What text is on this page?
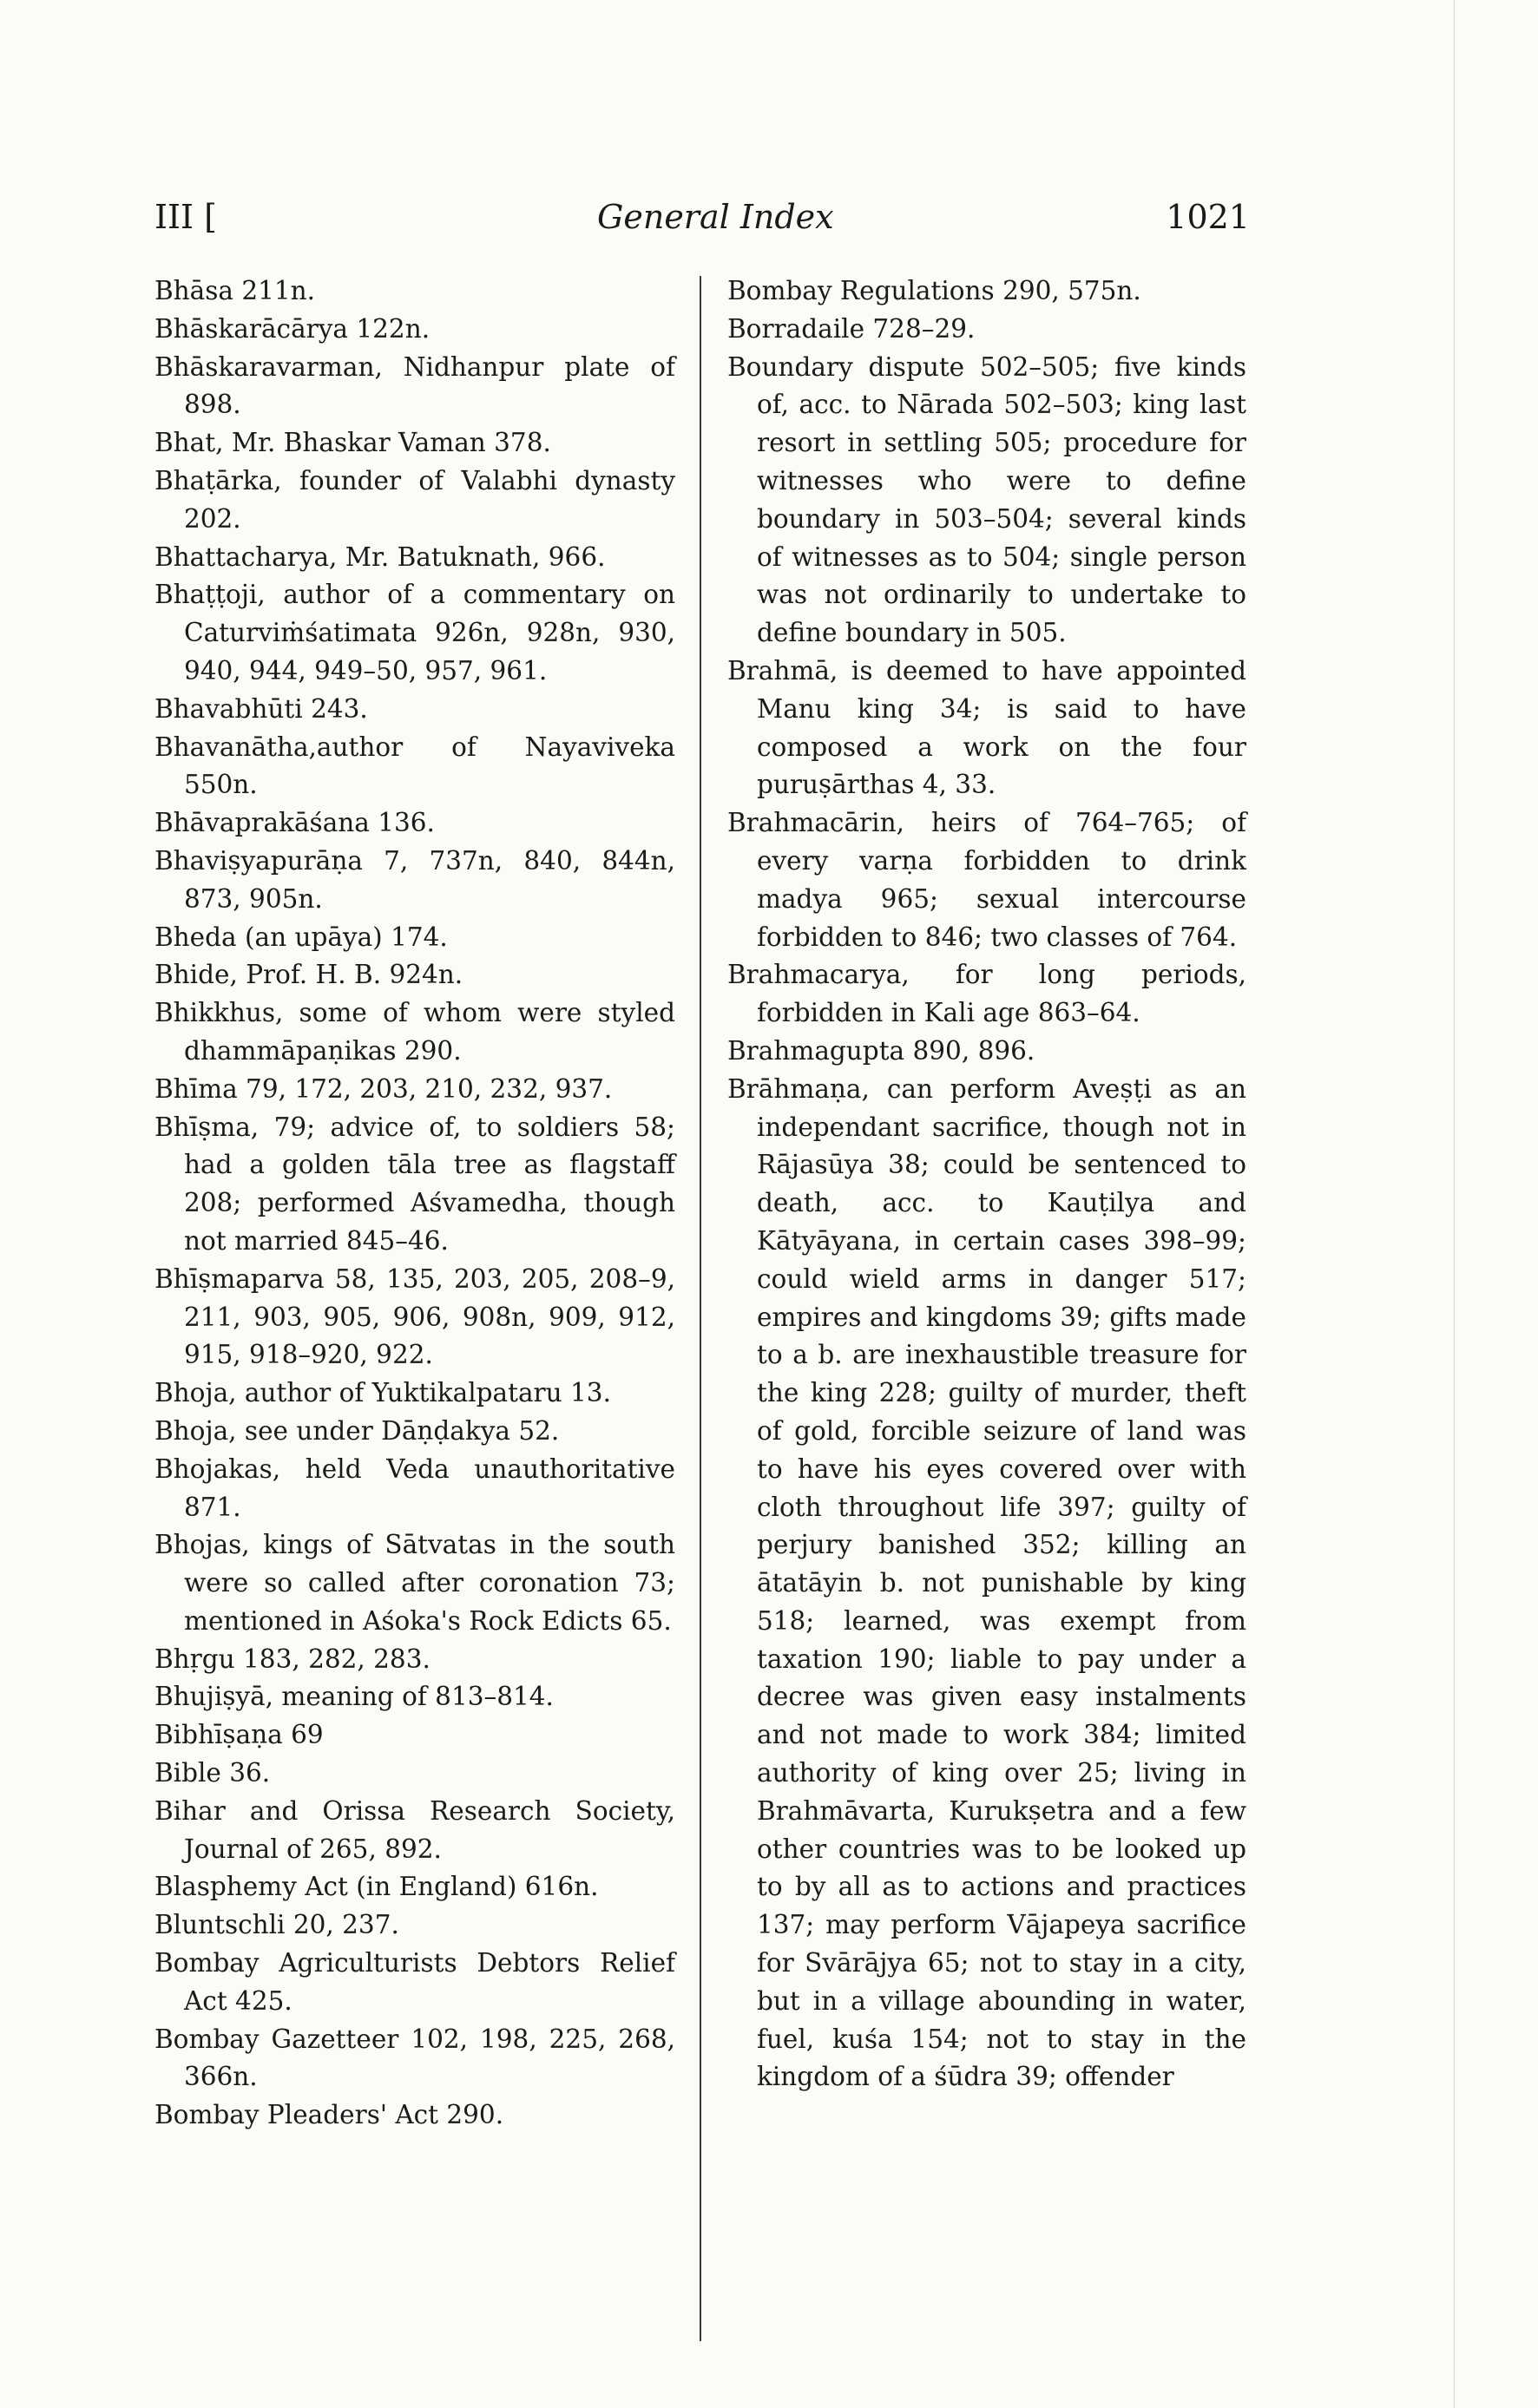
III [	General Index	1021

Bhāsa 211n.

Bhāskarācārya 122n.

Bhāskaravarman, Nidhanpur plate of 898.

Bhat, Mr. Bhaskar Vaman 378.

Bhaṭārka, founder of Valabhi dynasty 202.

Bhattacharya, Mr. Batuknath, 966.

Bhaṭṭoji, author of a commentary on Caturviṁśatimata 926n, 928n, 930, 940, 944, 949–50, 957, 961.

Bhavabhūti 243.

Bhavanātha,author of Nayaviveka 550n.

Bhāvaprakāśana 136.

Bhaviṣyapurāṇa 7, 737n, 840, 844n, 873, 905n.

Bheda (an upāya) 174.

Bhide, Prof. H. B. 924n.

Bhikkhus, some of whom were styled dhammāpaṇikas 290.

Bhīma 79, 172, 203, 210, 232, 937.

Bhīṣma, 79; advice of, to soldiers 58; had a golden tāla tree as flagstaff 208; performed Aśvamedha, though not married 845–46.

Bhīṣmaparva 58, 135, 203, 205, 208–9, 211, 903, 905, 906, 908n, 909, 912, 915, 918–920, 922.

Bhoja, author of Yuktikalpataru 13.

Bhoja, see under Dāṇḍakya 52.

Bhojakas, held Veda unauthoritative 871.

Bhojas, kings of Sātvatas in the south were so called after coronation 73; mentioned in Aśoka's Rock Edicts 65.

Bhṛgu 183, 282, 283.

Bhujiṣyā, meaning of 813–814.

Bibhīṣaṇa 69

Bible 36.

Bihar and Orissa Research Society, Journal of 265, 892.

Blasphemy Act (in England) 616n.

Bluntschli 20, 237.

Bombay Agriculturists Debtors Relief Act 425.

Bombay Gazetteer 102, 198, 225, 268, 366n.

Bombay Pleaders' Act 290.

Bombay Regulations 290, 575n.

Borradaile 728–29.

Boundary dispute 502–505; five kinds of, acc. to Nārada 502–503; king last resort in settling 505; procedure for witnesses who were to define boundary in 503–504; several kinds of witnesses as to 504; single person was not ordinarily to undertake to define boundary in 505.

Brahmā, is deemed to have appointed Manu king 34; is said to have composed a work on the four puruṣārthas 4, 33.

Brahmacārin, heirs of 764–765; of every varṇa forbidden to drink madya 965; sexual intercourse forbidden to 846; two classes of 764.

Brahmacarya, for long periods, forbidden in Kali age 863–64.

Brahmagupta 890, 896.

Brāhmaṇa, can perform Aveṣṭi as an independant sacrifice, though not in Rājasūya 38; could be sentenced to death, acc. to Kauṭilya and Kātyāyana, in certain cases 398–99; could wield arms in danger 517; empires and kingdoms 39; gifts made to a b. are inexhaustible treasure for the king 228; guilty of murder, theft of gold, forcible seizure of land was to have his eyes covered over with cloth throughout life 397; guilty of perjury banished 352; killing an ātatāyin b. not punishable by king 518; learned, was exempt from taxation 190; liable to pay under a decree was given easy instalments and not made to work 384; limited authority of king over 25; living in Brahmāvarta, Kurukṣetra and a few other countries was to be looked up to by all as to actions and practices 137; may perform Vājapeya sacrifice for Svārājya 65; not to stay in a city, but in a village abounding in water, fuel, kuśa 154; not to stay in the kingdom of a śūdra 39; offender
